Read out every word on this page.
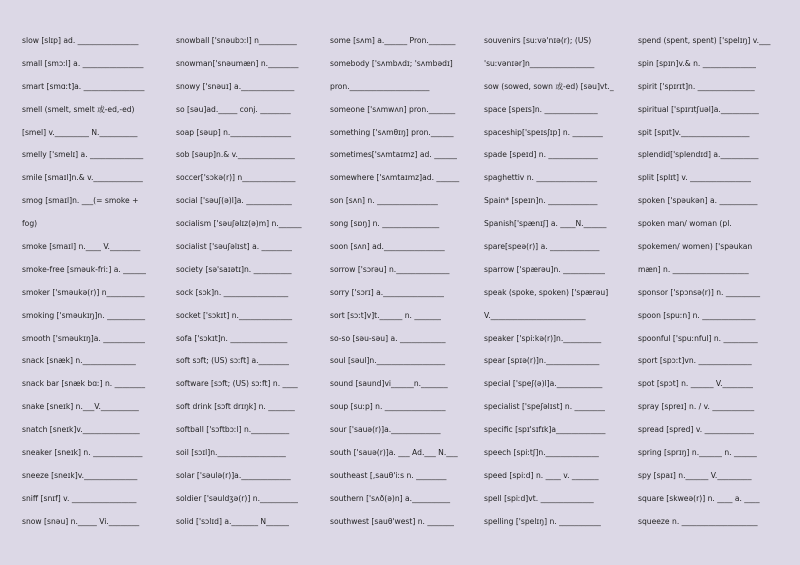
slow [slɪp] ad. ________________
small [smɔːl] a. ________________
smart [smɑːt]a. ________________
smell (smelt, smelt 或-ed,-ed)
[smel] v._________ N.__________
smelly ['smelɪ] a. ______________
smile [smaɪl]n.& v._____________
smog [smaɪl]n. ___(= smoke +
fog)
smoke [smaɪl] n.____ V.________
smoke-free [sməuk-friː] a. ______
smoker ['sməukə(r)] n__________
smoking ['sməukɪŋ]n. __________
smooth ['sməukɪŋ]a. ___________
snack [snæk] n.______________
snack bar [snæk bɑː] n. ________
snake [sneɪk] n.___V.__________
snatch [sneɪk]v._______________
sneaker [sneɪk] n. _____________
sneeze [sneɪk]v.______________
sniff [snɪf] v. _________________
snow [snəu] n._____ Vi.________
snowball ['snəubɔːl] n__________
snowman['snəumæn] n.________
snowy ['snəuɪ] a.______________
so [səu]ad._____ conj. ________
soap [səup] n.________________
sob [səup]n.& v._______________
soccer['sɔkə(r)] n______________
social ['səuʃ(ə)l]a. ____________
socialism ['səuʃəlɪz(ə)m] n.______
socialist ['səuʃəlɪst] a. ________
society [sə'saɪətɪ]n. __________
sock [sɔk]n. _________________
socket ['sɔkɪt] n.______________
sofa ['sɔkɪt]n. _______________
soft sɔft; (US) sɔːft] a.________
software [sɔft; (US) sɔːft] n. ____
soft drink [sɔft drɪŋk] n. _______
softball ['sɔftbɔːl] n.__________
soil [sɔɪl]n.__________________
solar ['səulə(r)]a._____________
soldier ['səuldʒə(r)] n.__________
solid ['sɔlɪd] a._______ N______
some [sʌm] a.______ Pron._______
somebody ['sʌmbʌdɪ; 'sʌmbədɪ]
pron._____________________
someone ['sʌmwʌn] pron._______
something ['sʌmθɪŋ] pron.______
sometimes['sʌmtaɪmz] ad. ______
somewhere ['sʌmtaɪmz]ad. ______
son [sʌn] n. ________________
song [sɒŋ] n. _______________
soon [sʌn] ad.________________
sorrow ['sɔrəu] n.______________
sorry ['sɔrɪ] a.________________
sort [sɔːt]v]t.______ n. _______
so-so [səu-səu] a. ____________
soul [səul]n.__________________
sound [saund]vi______n._______
soup [suːp] n. ________________
sour ['sauə(r)]a._____________
south ['sauə(r)]a. ___ Ad.___ N.___
southeast [,sauθ'iːs n. ________
southern ['sʌð(ə)n] a.__________
southwest [sauθ'west] n. _______
souvenirs [suːvə'nɪə(r); (US)
'suːvənɪər]n_________________
sow (sowed, sown 或-ed) [səu]vt._
space [speɪs]n. ______________
spaceship['speɪsʃɪp] n. ________
spade [speɪd] n. _____________
spaghettiv n. ________________
Spain* [speɪn]n. _____________
Spanish['spænɪʃ] a. ____N.______
spare[speə(r)] a. _____________
sparrow ['spærəu]n. ___________
speak (spoke, spoken) ['spærəu]
V._________________________
speaker ['spiːkə(r)]n.__________
spear [spɪə(r)]n.______________
special ['speʃ(ə)l]a.____________
specialist ['speʃəlɪst] n. ________
specific [spɪ'sɪfɪk]a_____________
speech [spiːtʃ]n.______________
speed [spiːd] n. ____ v. _______
spell [spiːd]vt. ______________
spelling ['spelɪŋ] n. ___________
spend (spent, spent) ['spelɪŋ] v.___
spin [spɪn]v.& n. ______________
spirit ['spɪrɪt]n. _______________
spiritual ['spɪrɪtʃuəl]a.__________
spit [spɪt]v.__________________
splendid['splendɪd] a.__________
split [splɪt] v. ________________
spoken ['spəukən] a. __________
spoken man/ woman (pl.
spokemen/ women) ['spəukan
mæn] n. ____________________
sponsor ['spɔnsə(r)] n. _________
spoon [spuːn] n. ______________
spoonful ['spuːnful] n. _________
sport [spɔːt]vn. ______________
spot [spɔt] n. ______ V.________
spray [spreɪ] n. / v. ___________
spread [spred] v. _____________
spring [sprɪŋ] n.______ n. ______
spy [spaɪ] n.______ V._________
square [skweə(r)] n. ____ a. ____
squeeze n. ____________________
